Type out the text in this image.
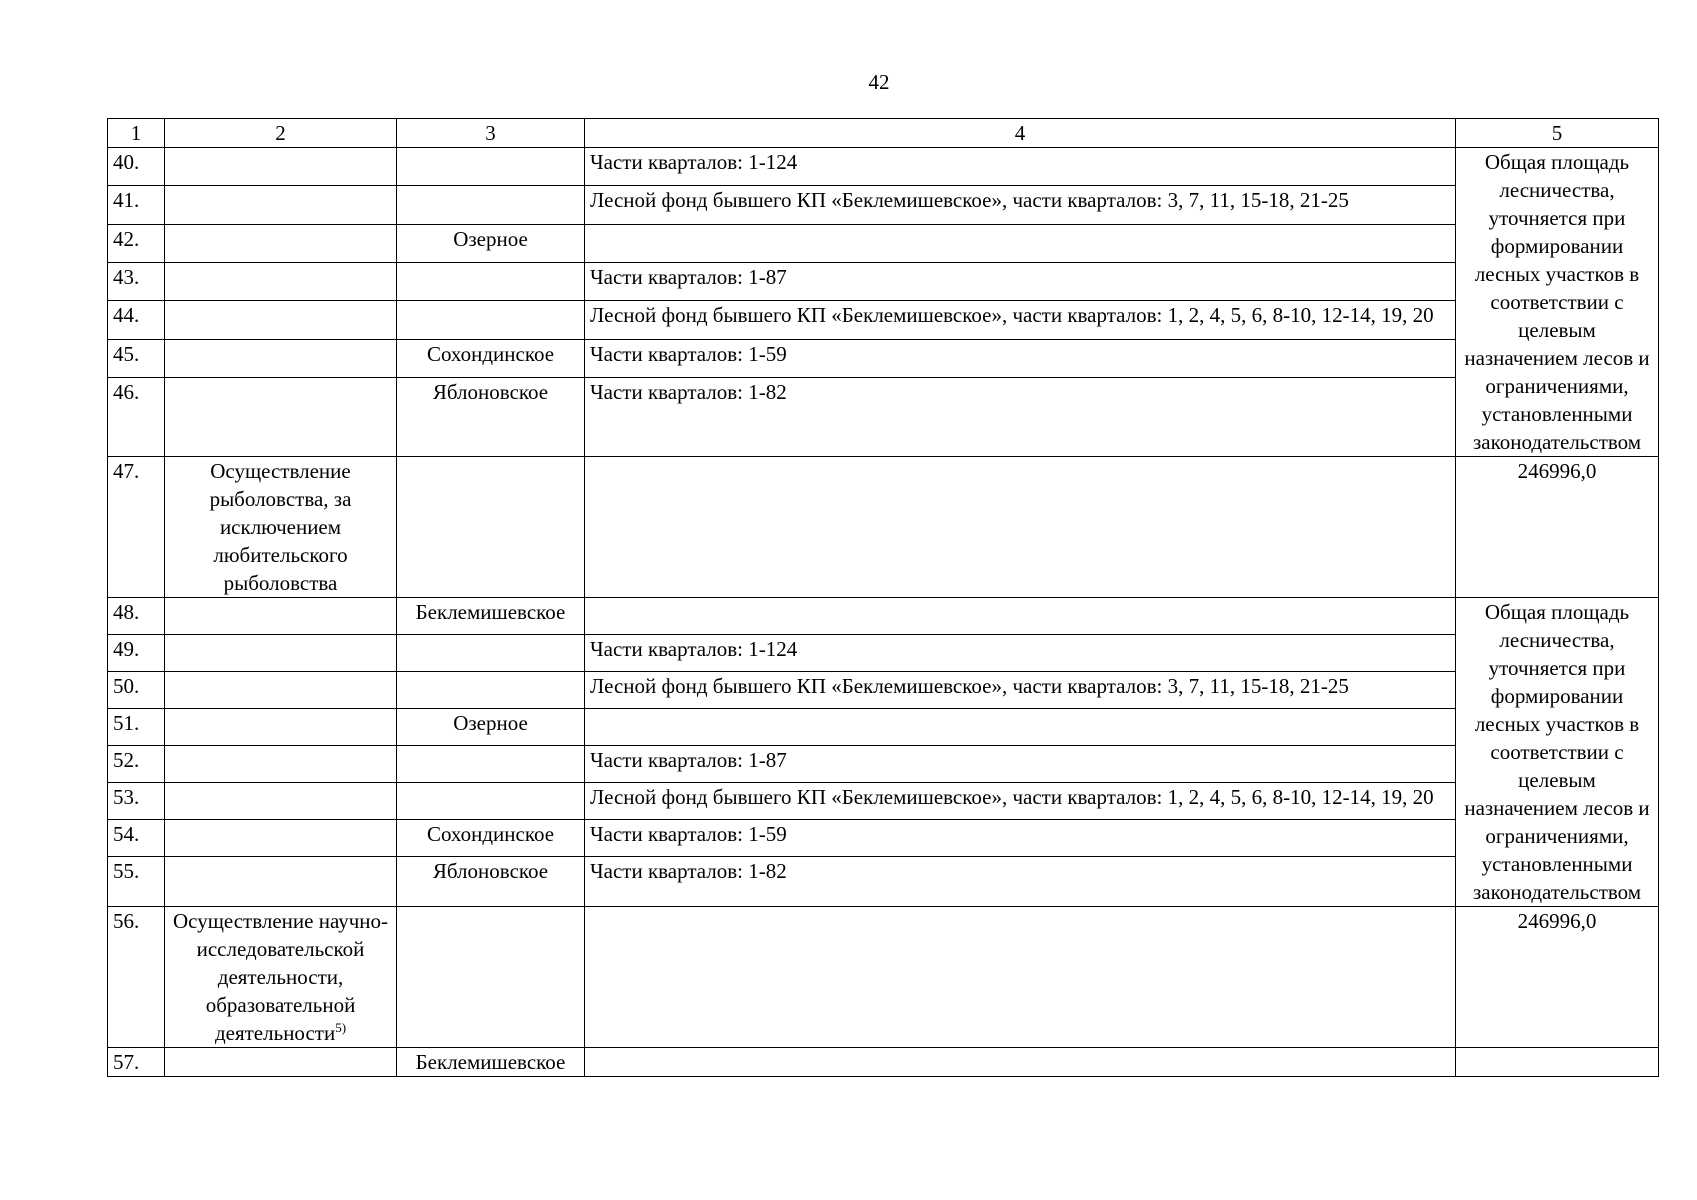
42
1	2	3	4	5
40.			Части кварталов: 1-124	Общая площадь лесничества, уточняется при формировании лесных участков в соответствии с целевым назначением лесов и ограничениями, установленными законодательством
41.			Лесной фонд бывшего КП «Беклемишевское», части кварталов: 3, 7, 11, 15-18, 21-25	
42.		Озерное		
43.			Части кварталов: 1-87	
44.			Лесной фонд бывшего КП «Беклемишевское», части кварталов: 1, 2, 4, 5, 6, 8-10, 12-14, 19, 20	
45.		Сохондинское	Части кварталов: 1-59	
46.		Яблоновское	Части кварталов: 1-82	
47.	Осуществление рыболовства, за исключением любительского рыболовства			246996,0
48.		Беклемишевское		Общая площадь лесничества, уточняется при формировании лесных участков в соответствии с целевым назначением лесов и ограничениями, установленными законодательством
49.			Части кварталов: 1-124	
50.			Лесной фонд бывшего КП «Беклемишевское», части кварталов: 3, 7, 11, 15-18, 21-25	
51.		Озерное		
52.			Части кварталов: 1-87	
53.			Лесной фонд бывшего КП «Беклемишевское», части кварталов: 1, 2, 4, 5, 6, 8-10, 12-14, 19, 20	
54.		Сохондинское	Части кварталов: 1-59	
55.		Яблоновское	Части кварталов: 1-82	
56.	Осуществление научно-исследовательской деятельности, образовательной деятельности$^{5)}$			246996,0
57.		Беклемишевское		
